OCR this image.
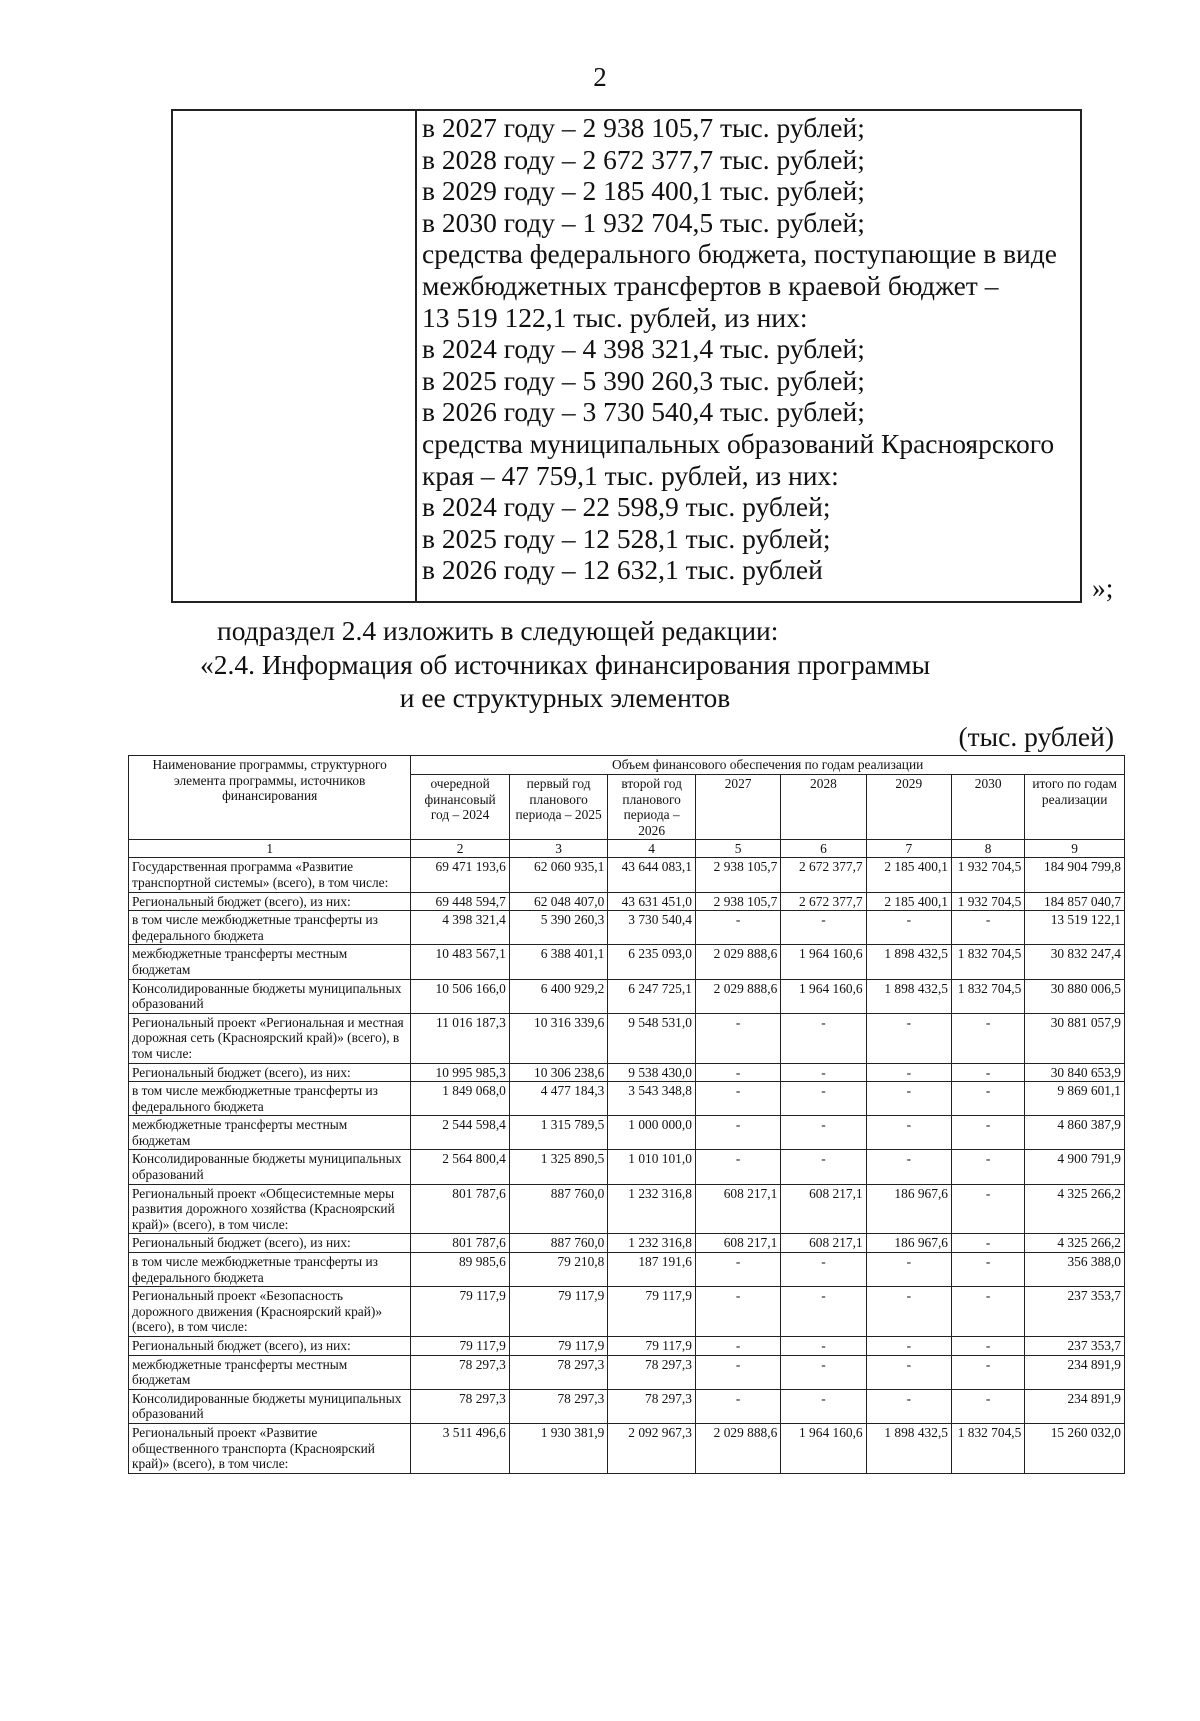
2
в 2027 году – 2 938 105,7 тыс. рублей;
в 2028 году – 2 672 377,7 тыс. рублей;
в 2029 году – 2 185 400,1 тыс. рублей;
в 2030 году – 1 932 704,5 тыс. рублей;
средства федерального бюджета, поступающие в виде
межбюджетных трансфертов в краевой бюджет –
13 519 122,1 тыс. рублей, из них:
в 2024 году – 4 398 321,4 тыс. рублей;
в 2025 году – 5 390 260,3 тыс. рублей;
в 2026 году – 3 730 540,4 тыс. рублей;
средства муниципальных образований Красноярского
края – 47 759,1 тыс. рублей, из них:
в 2024 году – 22 598,9 тыс. рублей;
в 2025 году – 12 528,1 тыс. рублей;
в 2026 году – 12 632,1 тыс. рублей
»;
подраздел 2.4 изложить в следующей редакции:
«2.4. Информация об источниках финансирования программы
и ее структурных элементов
(тыс. рублей)
Наименование программы, структурного элемента программы, источников финансирования	Объем финансового обеспечения по годам реализации							
	очередной финансовый год – 2024	первый год планового периода – 2025	второй год планового периода – 2026	2027	2028	2029	2030	итого по годам реализации
1	2	3	4	5	6	7	8	9
Государственная программа «Развитие транспортной системы» (всего), в том числе:	69 471 193,6	62 060 935,1	43 644 083,1	2 938 105,7	2 672 377,7	2 185 400,1	1 932 704,5	184 904 799,8
Региональный бюджет (всего), из них:	69 448 594,7	62 048 407,0	43 631 451,0	2 938 105,7	2 672 377,7	2 185 400,1	1 932 704,5	184 857 040,7
в том числе межбюджетные трансферты из федерального бюджета	4 398 321,4	5 390 260,3	3 730 540,4	-	-	-	-	13 519 122,1
межбюджетные трансферты местным бюджетам	10 483 567,1	6 388 401,1	6 235 093,0	2 029 888,6	1 964 160,6	1 898 432,5	1 832 704,5	30 832 247,4
Консолидированные бюджеты муниципальных образований	10 506 166,0	6 400 929,2	6 247 725,1	2 029 888,6	1 964 160,6	1 898 432,5	1 832 704,5	30 880 006,5
Региональный проект «Региональная и местная дорожная сеть (Красноярский край)» (всего), в том числе:	11 016 187,3	10 316 339,6	9 548 531,0	-	-	-	-	30 881 057,9
Региональный бюджет (всего), из них:	10 995 985,3	10 306 238,6	9 538 430,0	-	-	-	-	30 840 653,9
в том числе межбюджетные трансферты из федерального бюджета	1 849 068,0	4 477 184,3	3 543 348,8	-	-	-	-	9 869 601,1
межбюджетные трансферты местным бюджетам	2 544 598,4	1 315 789,5	1 000 000,0	-	-	-	-	4 860 387,9
Консолидированные бюджеты муниципальных образований	2 564 800,4	1 325 890,5	1 010 101,0	-	-	-	-	4 900 791,9
Региональный проект «Общесистемные меры развития дорожного хозяйства (Красноярский край)» (всего), в том числе:	801 787,6	887 760,0	1 232 316,8	608 217,1	608 217,1	186 967,6	-	4 325 266,2
Региональный бюджет (всего), из них:	801 787,6	887 760,0	1 232 316,8	608 217,1	608 217,1	186 967,6	-	4 325 266,2
в том числе межбюджетные трансферты из федерального бюджета	89 985,6	79 210,8	187 191,6	-	-	-	-	356 388,0
Региональный проект «Безопасность дорожного движения (Красноярский край)» (всего), в том числе:	79 117,9	79 117,9	79 117,9	-	-	-	-	237 353,7
Региональный бюджет (всего), из них:	79 117,9	79 117,9	79 117,9	-	-	-	-	237 353,7
межбюджетные трансферты местным бюджетам	78 297,3	78 297,3	78 297,3	-	-	-	-	234 891,9
Консолидированные бюджеты муниципальных образований	78 297,3	78 297,3	78 297,3	-	-	-	-	234 891,9
Региональный проект «Развитие общественного транспорта (Красноярский край)» (всего), в том числе:	3 511 496,6	1 930 381,9	2 092 967,3	2 029 888,6	1 964 160,6	1 898 432,5	1 832 704,5	15 260 032,0
